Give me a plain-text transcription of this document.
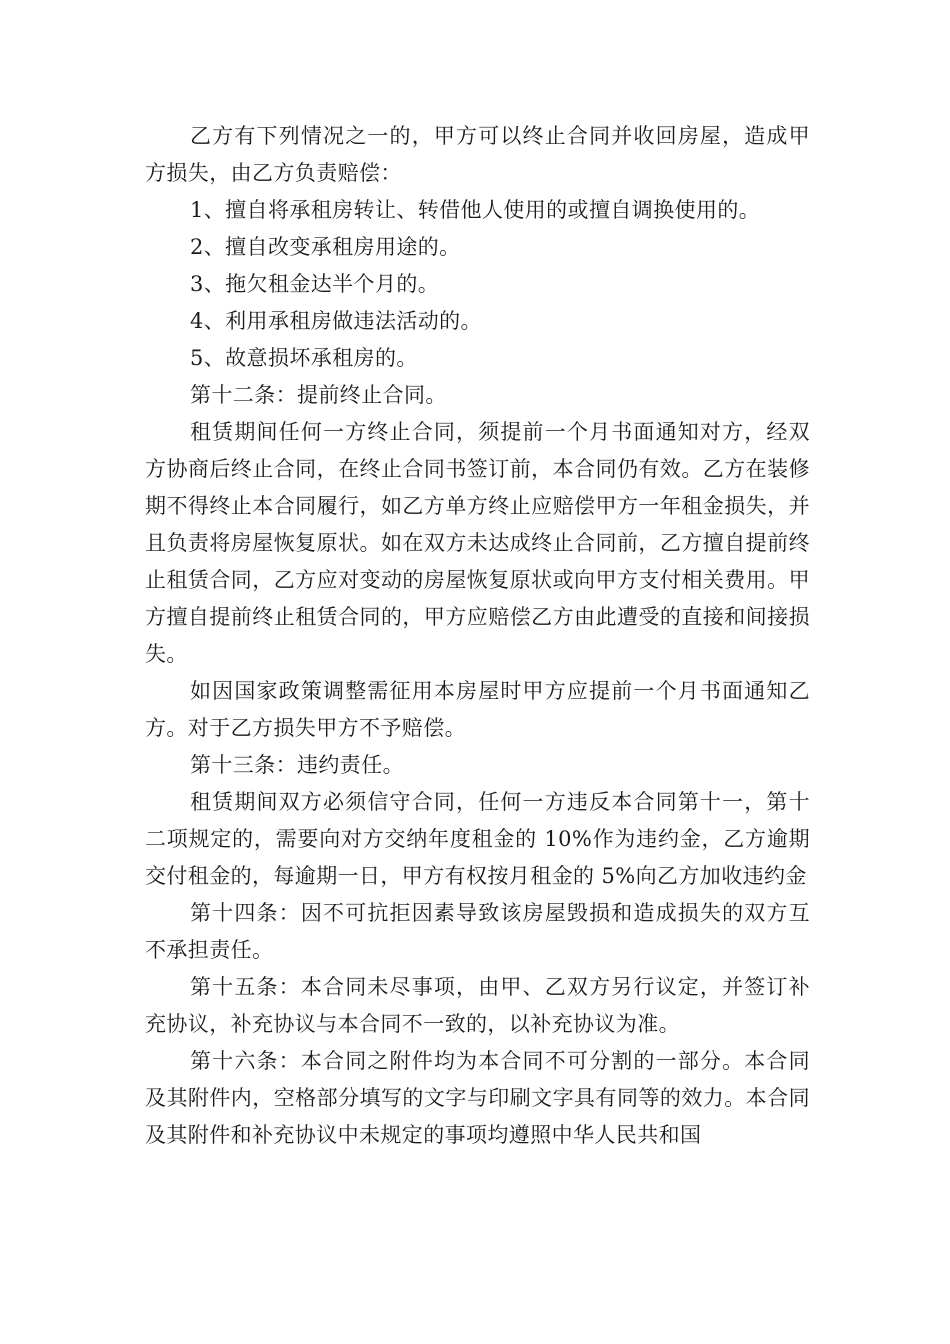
乙方有下列情况之一的，甲方可以终止合同并收回房屋，造成甲方损失，由乙方负责赔偿：

1、擅自将承租房转让、转借他人使用的或擅自调换使用的。

2、擅自改变承租房用途的。

3、拖欠租金达半个月的。

4、利用承租房做违法活动的。

5、故意损坏承租房的。

第十二条：提前终止合同。

租赁期间任何一方终止合同，须提前一个月书面通知对方，经双方协商后终止合同，在终止合同书签订前，本合同仍有效。乙方在装修期不得终止本合同履行，如乙方单方终止应赔偿甲方一年租金损失，并且负责将房屋恢复原状。如在双方未达成终止合同前，乙方擅自提前终止租赁合同，乙方应对变动的房屋恢复原状或向甲方支付相关费用。甲方擅自提前终止租赁合同的，甲方应赔偿乙方由此遭受的直接和间接损失。

如因国家政策调整需征用本房屋时甲方应提前一个月书面通知乙方。对于乙方损失甲方不予赔偿。

第十三条：违约责任。

租赁期间双方必须信守合同，任何一方违反本合同第十一，第十二项规定的，需要向对方交纳年度租金的 10%作为违约金，乙方逾期交付租金的，每逾期一日，甲方有权按月租金的 5%向乙方加收违约金

第十四条：因不可抗拒因素导致该房屋毁损和造成损失的双方互不承担责任。

第十五条：本合同未尽事项，由甲、乙双方另行议定，并签订补充协议，补充协议与本合同不一致的，以补充协议为准。

第十六条：本合同之附件均为本合同不可分割的一部分。本合同及其附件内，空格部分填写的文字与印刷文字具有同等的效力。本合同及其附件和补充协议中未规定的事项均遵照中华人民共和国
